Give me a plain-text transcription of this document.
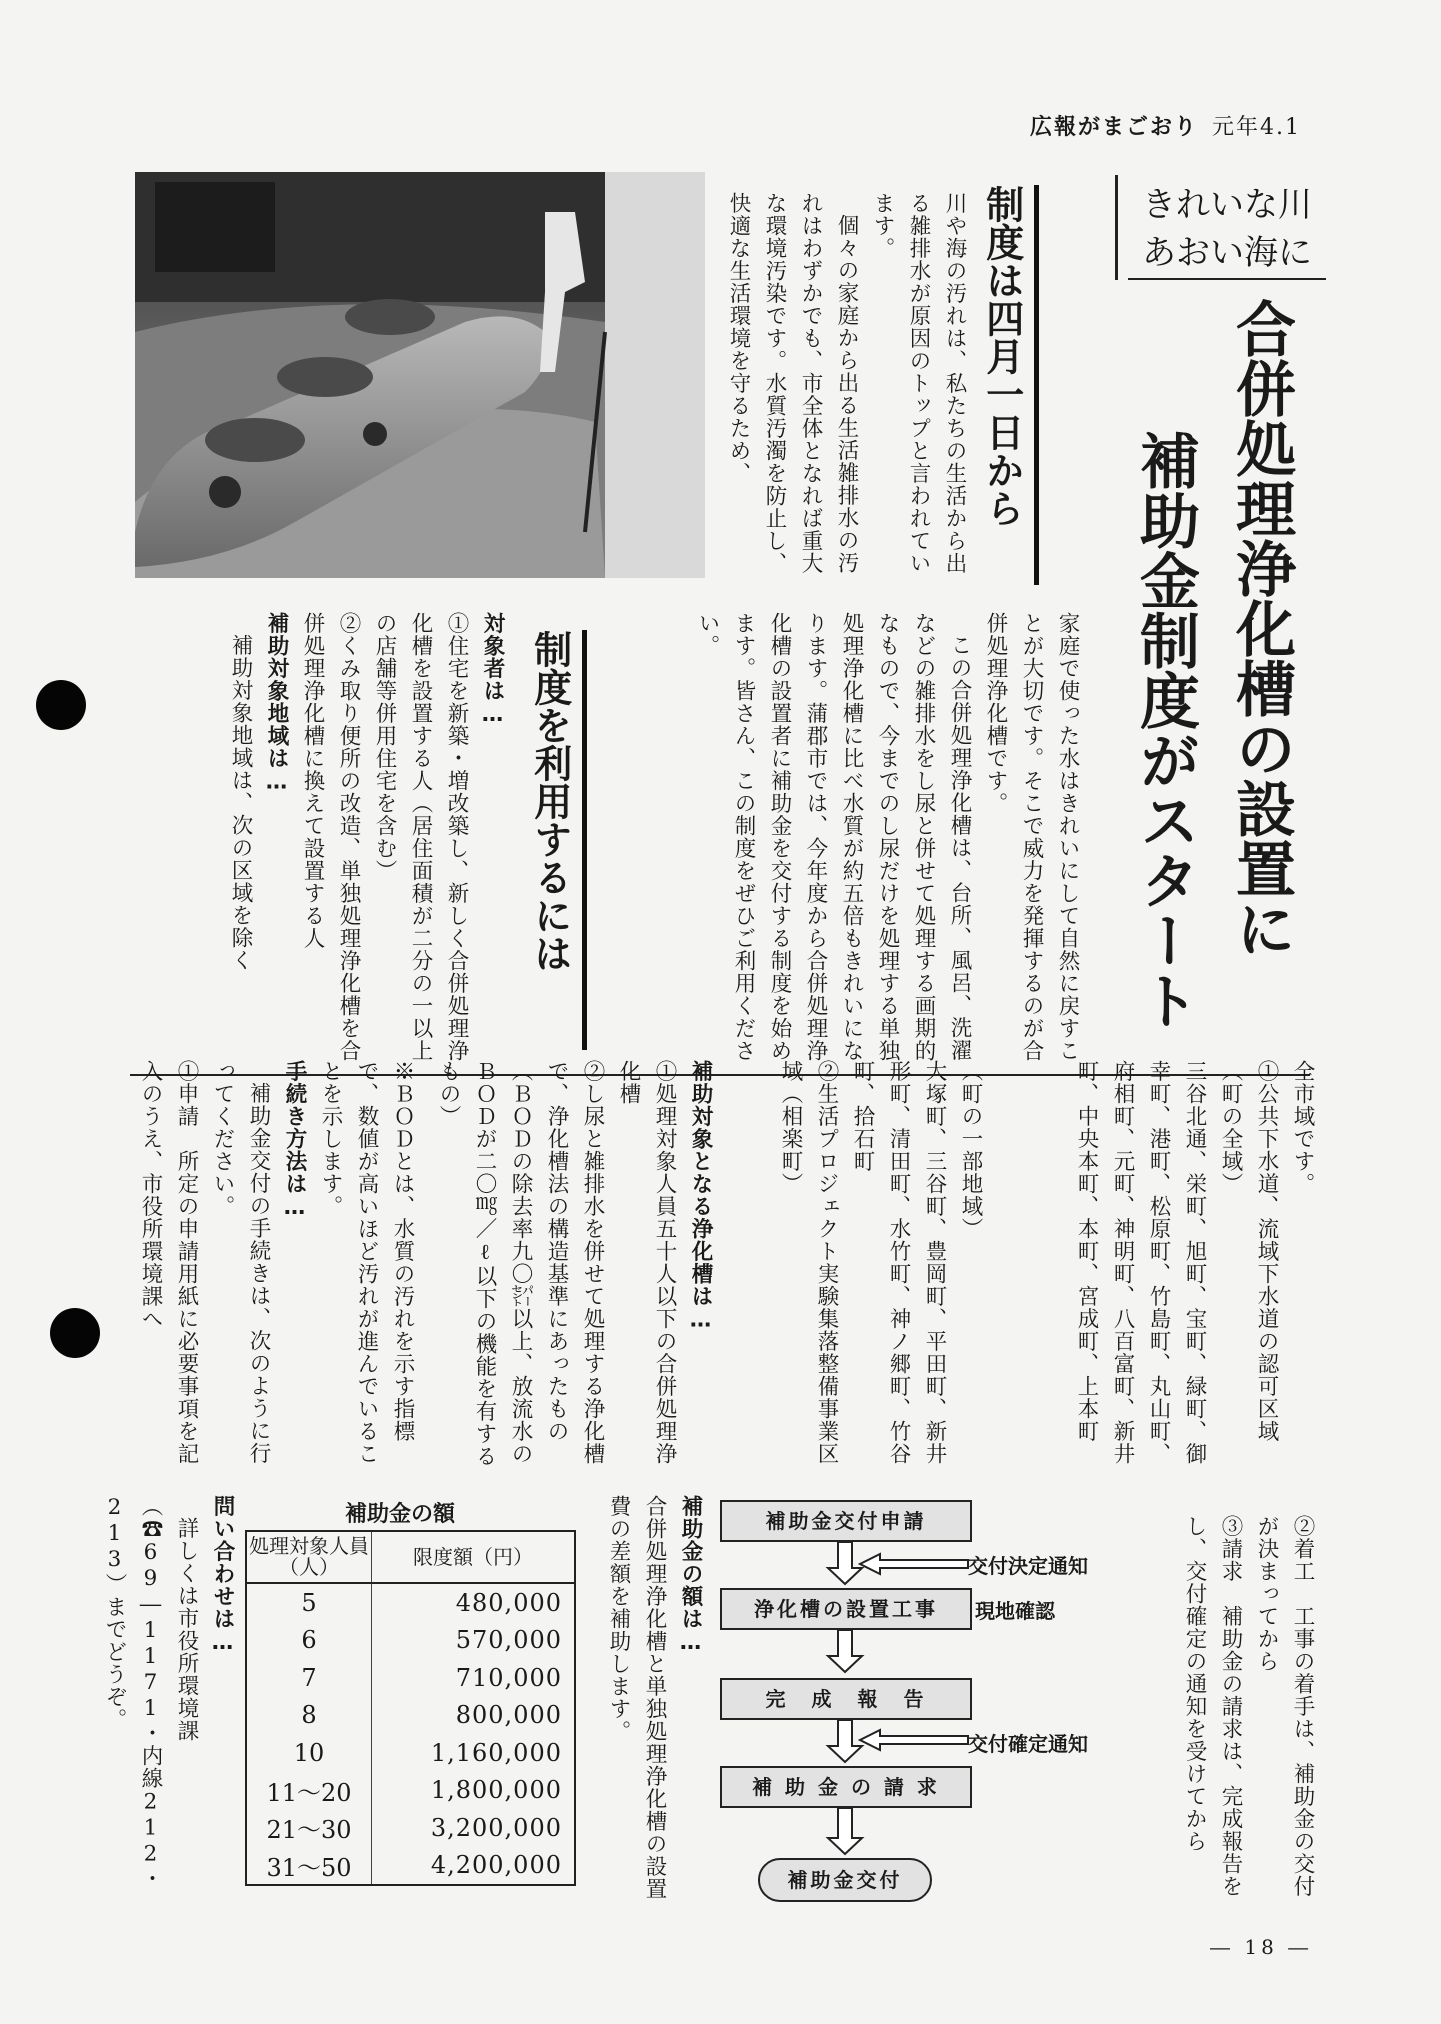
広報がまごおり 元年4.1
きれいな川
あおい海に
合併処理浄化槽の設置に
補助金制度がスタート
制度は四月一日から

川や海の汚れは、私たちの生活から出る雑排水が原因のトップと言われています。

個々の家庭から出る生活雑排水の汚れはわずかでも、市全体となれば重大な環境汚染です。水質汚濁を防止し、快適な生活環境を守るため、

家庭で使った水はきれいにして自然に戻すことが大切です。そこで威力を発揮するのが合併処理浄化槽です。

この合併処理浄化槽は、台所、風呂、洗濯などの雑排水をし尿と併せて処理する画期的なもので、今までのし尿だけを処理する単独処理浄化槽に比べ水質が約五倍もきれいになります。蒲郡市では、今年度から合併処理浄化槽の設置者に補助金を交付する制度を始めます。皆さん、この制度をぜひご利用ください。

制度を利用するには

対象者は…

①住宅を新築・増改築し、新しく合併処理浄化槽を設置する人（居住面積が二分の一以上の店舗等併用住宅を含む）

②くみ取り便所の改造、単独処理浄化槽を合併処理浄化槽に換えて設置する人

補助対象地域は…

補助対象地域は、次の区域を除く

全市域です。

①公共下水道、流域下水道の認可区域

（町の全域）

三谷北通、栄町、旭町、宝町、緑町、御幸町、港町、松原町、竹島町、丸山町、府相町、元町、神明町、八百富町、新井町、中央本町、本町、宮成町、上本町

（町の一部地域）

大塚町、三谷町、豊岡町、平田町、新井形町、清田町、水竹町、神ノ郷町、竹谷町、拾石町

②生活プロジェクト実験集落整備事業区域（相楽町）

補助対象となる浄化槽は…

①処理対象人員五十人以下の合併処理浄化槽

②し尿と雑排水を併せて処理する浄化槽で、浄化槽法の構造基準にあったもの（ＢＯＤの除去率九〇㌫以上、放流水のＢＯＤが二〇㎎／ℓ以下の機能を有するもの）

※ＢＯＤとは、水質の汚れを示す指標で、数値が高いほど汚れが進んでいることを示します。

手続き方法は…

補助金交付の手続きは、次のように行ってください。

①申請　所定の申請用紙に必要事項を記入のうえ、市役所環境課へ

②着工　工事の着手は、補助金の交付が決まってから

③請求　補助金の請求は、完成報告をし、交付確定の通知を受けてから

補助金の額は…

合併処理浄化槽と単独処理浄化槽の設置費の差額を補助します。	補助金交付申請
浄化槽の設置工事
完　成　報　告
補 助 金 の 請 求
補助金交付
交付決定通知
現地確認
交付確定通知
補助金の額
処理対象人員（人）	限度額（円）
5	480,000
6	570,000
7	710,000
8	800,000
10	1,160,000
11～20	1,800,000
21～30	3,200,000
31～50	4,200,000

問い合わせは…

詳しくは市役所環境課（☎69―1171・内線212・213）までどうぞ。

― 18 ―
